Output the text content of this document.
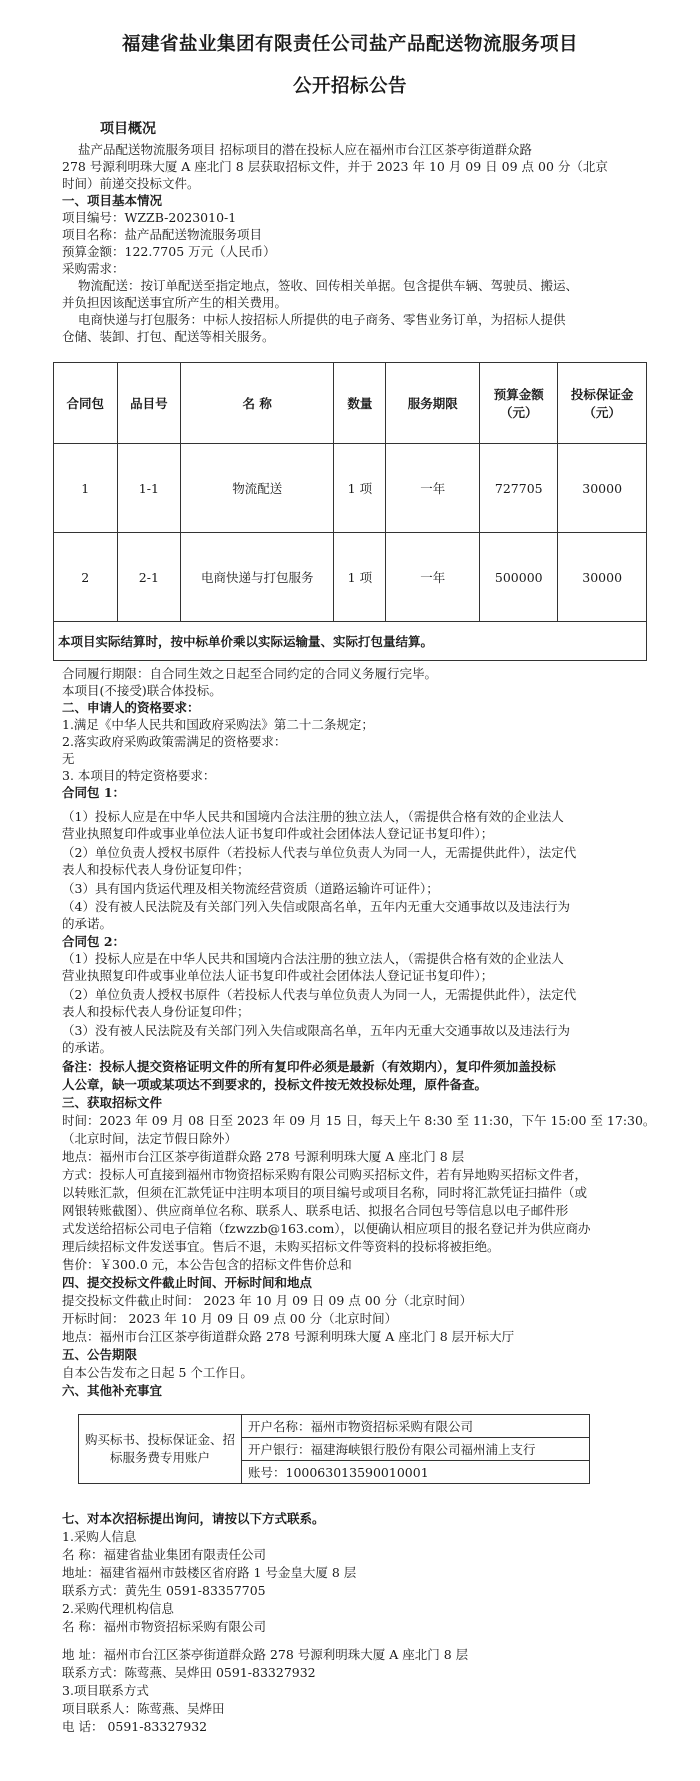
福建省盐业集团有限责任公司盐产品配送物流服务项目
公开招标公告
项目概况
盐产品配送物流服务项目 招标项目的潜在投标人应在福州市台江区茶亭街道群众路
278 号源利明珠大厦 A 座北门 8 层获取招标文件，并于 2023 年 10 月 09 日 09 点 00 分（北京
时间）前递交投标文件。
一、项目基本情况
项目编号：WZZB-2023010-1
项目名称：盐产品配送物流服务项目
预算金额：122.7705 万元（人民币）
采购需求：
物流配送：按订单配送至指定地点，签收、回传相关单据。包含提供车辆、驾驶员、搬运、
并负担因该配送事宜所产生的相关费用。
电商快递与打包服务：中标人按招标人所提供的电子商务、零售业务订单，为招标人提供
仓储、装卸、打包、配送等相关服务。
合同包	品目号	名 称	数量	服务期限	预算金额（元）	投标保证金（元）
1	1-1	物流配送	1 项	一年	727705	30000
2	2-1	电商快递与打包服务	1 项	一年	500000	30000
本项目实际结算时，按中标单价乘以实际运输量、实际打包量结算。						
合同履行期限：自合同生效之日起至合同约定的合同义务履行完毕。
本项目(不接受)联合体投标。
二、申请人的资格要求：
1.满足《中华人民共和国政府采购法》第二十二条规定；
2.落实政府采购政策需满足的资格要求：
无
3. 本项目的特定资格要求：
合同包 1：
（1）投标人应是在中华人民共和国境内合法注册的独立法人，（需提供合格有效的企业法人
营业执照复印件或事业单位法人证书复印件或社会团体法人登记证书复印件）；
（2）单位负责人授权书原件（若投标人代表与单位负责人为同一人，无需提供此件），法定代
表人和投标代表人身份证复印件；
（3）具有国内货运代理及相关物流经营资质（道路运输许可证件）；
（4）没有被人民法院及有关部门列入失信或限高名单，五年内无重大交通事故以及违法行为
的承诺。
合同包 2：
（1）投标人应是在中华人民共和国境内合法注册的独立法人，（需提供合格有效的企业法人
营业执照复印件或事业单位法人证书复印件或社会团体法人登记证书复印件）；
（2）单位负责人授权书原件（若投标人代表与单位负责人为同一人，无需提供此件），法定代
表人和投标代表人身份证复印件；
（3）没有被人民法院及有关部门列入失信或限高名单，五年内无重大交通事故以及违法行为
的承诺。
备注：投标人提交资格证明文件的所有复印件必须是最新（有效期内），复印件须加盖投标
人公章，缺一项或某项达不到要求的，投标文件按无效投标处理，原件备查。
三、获取招标文件
时间：2023 年 09 月 08 日至 2023 年 09 月 15 日，每天上午 8:30 至 11:30，下午 15:00 至 17:30。
（北京时间，法定节假日除外）
地点：福州市台江区茶亭街道群众路 278 号源利明珠大厦 A 座北门 8 层
方式：投标人可直接到福州市物资招标采购有限公司购买招标文件，若有异地购买招标文件者，
以转账汇款，但须在汇款凭证中注明本项目的项目编号或项目名称，同时将汇款凭证扫描件（或
网银转账截图）、供应商单位名称、联系人、联系电话、拟报名合同包号等信息以电子邮件形
式发送给招标公司电子信箱（fzwzzb@163.com），以便确认相应项目的报名登记并为供应商办
理后续招标文件发送事宜。售后不退，未购买招标文件等资料的投标将被拒绝。
售价：￥300.0 元，本公告包含的招标文件售价总和
四、提交投标文件截止时间、开标时间和地点
提交投标文件截止时间： 2023 年 10 月 09 日 09 点 00 分（北京时间）
开标时间： 2023 年 10 月 09 日 09 点 00 分（北京时间）
地点：福州市台江区茶亭街道群众路 278 号源利明珠大厦 A 座北门 8 层开标大厅
五、公告期限
自本公告发布之日起 5 个工作日。
六、其他补充事宜
购买标书、投标保证金、招标服务费专用账户	开户名称：福州市物资招标采购有限公司
开户银行：福建海峡银行股份有限公司福州浦上支行
账号：100063013590010001
七、对本次招标提出询问，请按以下方式联系。
1.采购人信息
名 称：福建省盐业集团有限责任公司
地址：福建省福州市鼓楼区省府路 1 号金皇大厦 8 层
联系方式：黄先生 0591-83357705
2.采购代理机构信息
名 称：福州市物资招标采购有限公司
地 址：福州市台江区茶亭街道群众路 278 号源利明珠大厦 A 座北门 8 层
联系方式：陈莺燕、吴烨田 0591-83327932
3.项目联系方式
项目联系人：陈莺燕、吴烨田
电 话： 0591-83327932
